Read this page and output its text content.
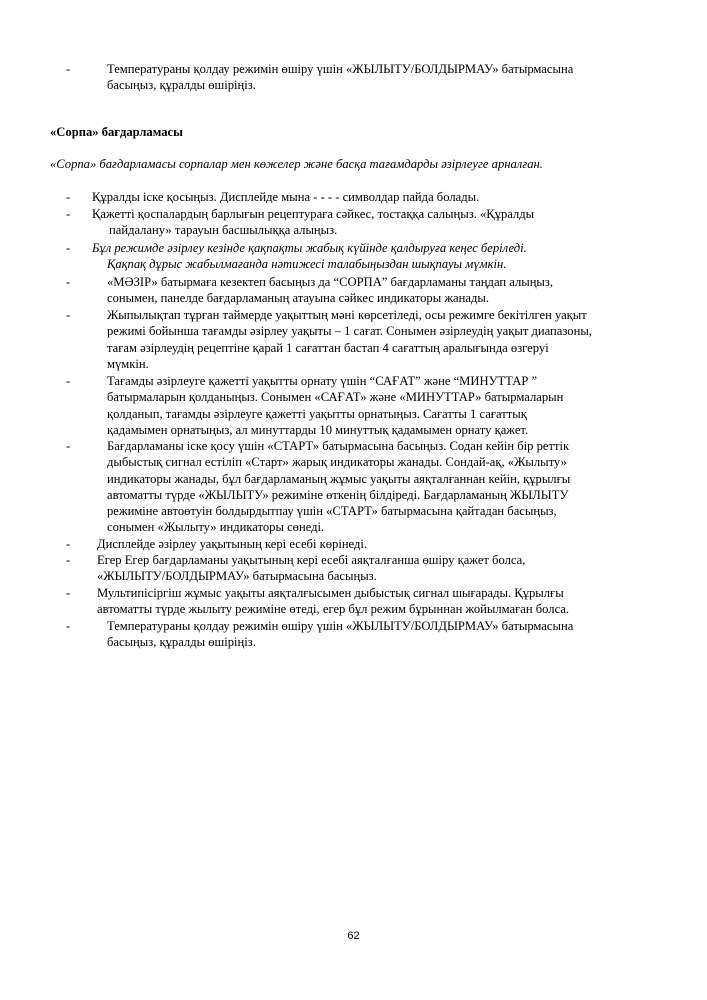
-	Температураны қолдау режимін өшіру үшін «ЖЫЛЫТУ/БОЛДЫРМАУ» батырмасына
басыңыз, құралды өшіріңіз.
«Сорпа» бағдарламасы
«Сорпа» бағдарламасы сорпалар мен көжелер және басқа тағамдарды әзірлеуге арналған.
- Құралды іске қосыңыз. Дисплейде мына - - - - символдар пайда болады.
- Қажетті қоспалардың барлығын рецептураға сәйкес, тостаққа салыңыз. «Құралды
пайдалану» тарауын басшылыққа алыңыз.
- Бұл режимде әзірлеу кезінде қақпақты жабық күйінде қалдыруға кеңес беріледі.
Қақпақ дұрыс жабылмағанда нәтижесі талабыңыздан шықпауы мүмкін.
-	«МӘЗІР» батырмаға кезектеп басыңыз да “СОРПА” бағдарламаны таңдап алыңыз,
сонымен, панелде бағдарламаның атауына сәйкес индикаторы жанады.
-	Жыпылықтап тұрған таймерде уақыттың мәні көрсетіледі, осы режимге бекітілген уақыт
режимі бойынша тағамды әзірлеу уақыты – 1 сағат. Сонымен әзірлеудің уақыт диапазоны,
тағам әзірлеудің рецептіне қарай 1 сағаттан бастап 4 сағаттың аралығында өзгеруі
мүмкін.
-	Тағамды әзірлеуге қажетті уақытты орнату үшін “САҒАТ” және “МИНУТТАР ”
батырмаларын қолданыңыз. Сонымен «САҒАТ» және «МИНУТТАР» батырмаларын
қолданып, тағамды әзірлеуге қажетті уақытты орнатыңыз. Сағатты 1 сағаттық
қадамымен орнатыңыз, ал минуттарды 10 минуттық қадамымен орнату қажет.
-	Бағдарламаны іске қосу үшін «СТАРТ» батырмасына басыңыз. Содан кейін бір реттік
дыбыстық сигнал естіліп «Старт» жарық индикаторы жанады. Сондай-ақ, «Жылыту»
индикаторы жанады, бұл бағдарламаның жұмыс уақыты аяқталғаннан кейін, құрылғы
автоматты түрде «ЖЫЛЫТУ» режиміне өткенің білдіреді. Бағдарламаның ЖЫЛЫТУ
режиміне автоөтуін болдырдытпау үшін «СТАРТ» батырмасына қайтадан басыңыз,
сонымен «Жылыту» индикаторы сөнеді.
- Дисплейде әзірлеу уақытының кері есебі көрінеді.
- Егер Егер бағдарламаны уақытының кері есебі аяқталғанша өшіру қажет болса,
«ЖЫЛЫТУ/БОЛДЫРМАУ» батырмасына басыңыз.
- Мультипісіргіш жұмыс уақыты аяқталғысымен дыбыстық сигнал шығарады. Құрылғы
автоматты түрде жылыту режиміне өтеді, егер бұл режим бұрыннан жойылмаған болса.
-	Температураны қолдау режимін өшіру үшін «ЖЫЛЫТУ/БОЛДЫРМАУ» батырмасына
басыңыз, құралды өшіріңіз.
62
